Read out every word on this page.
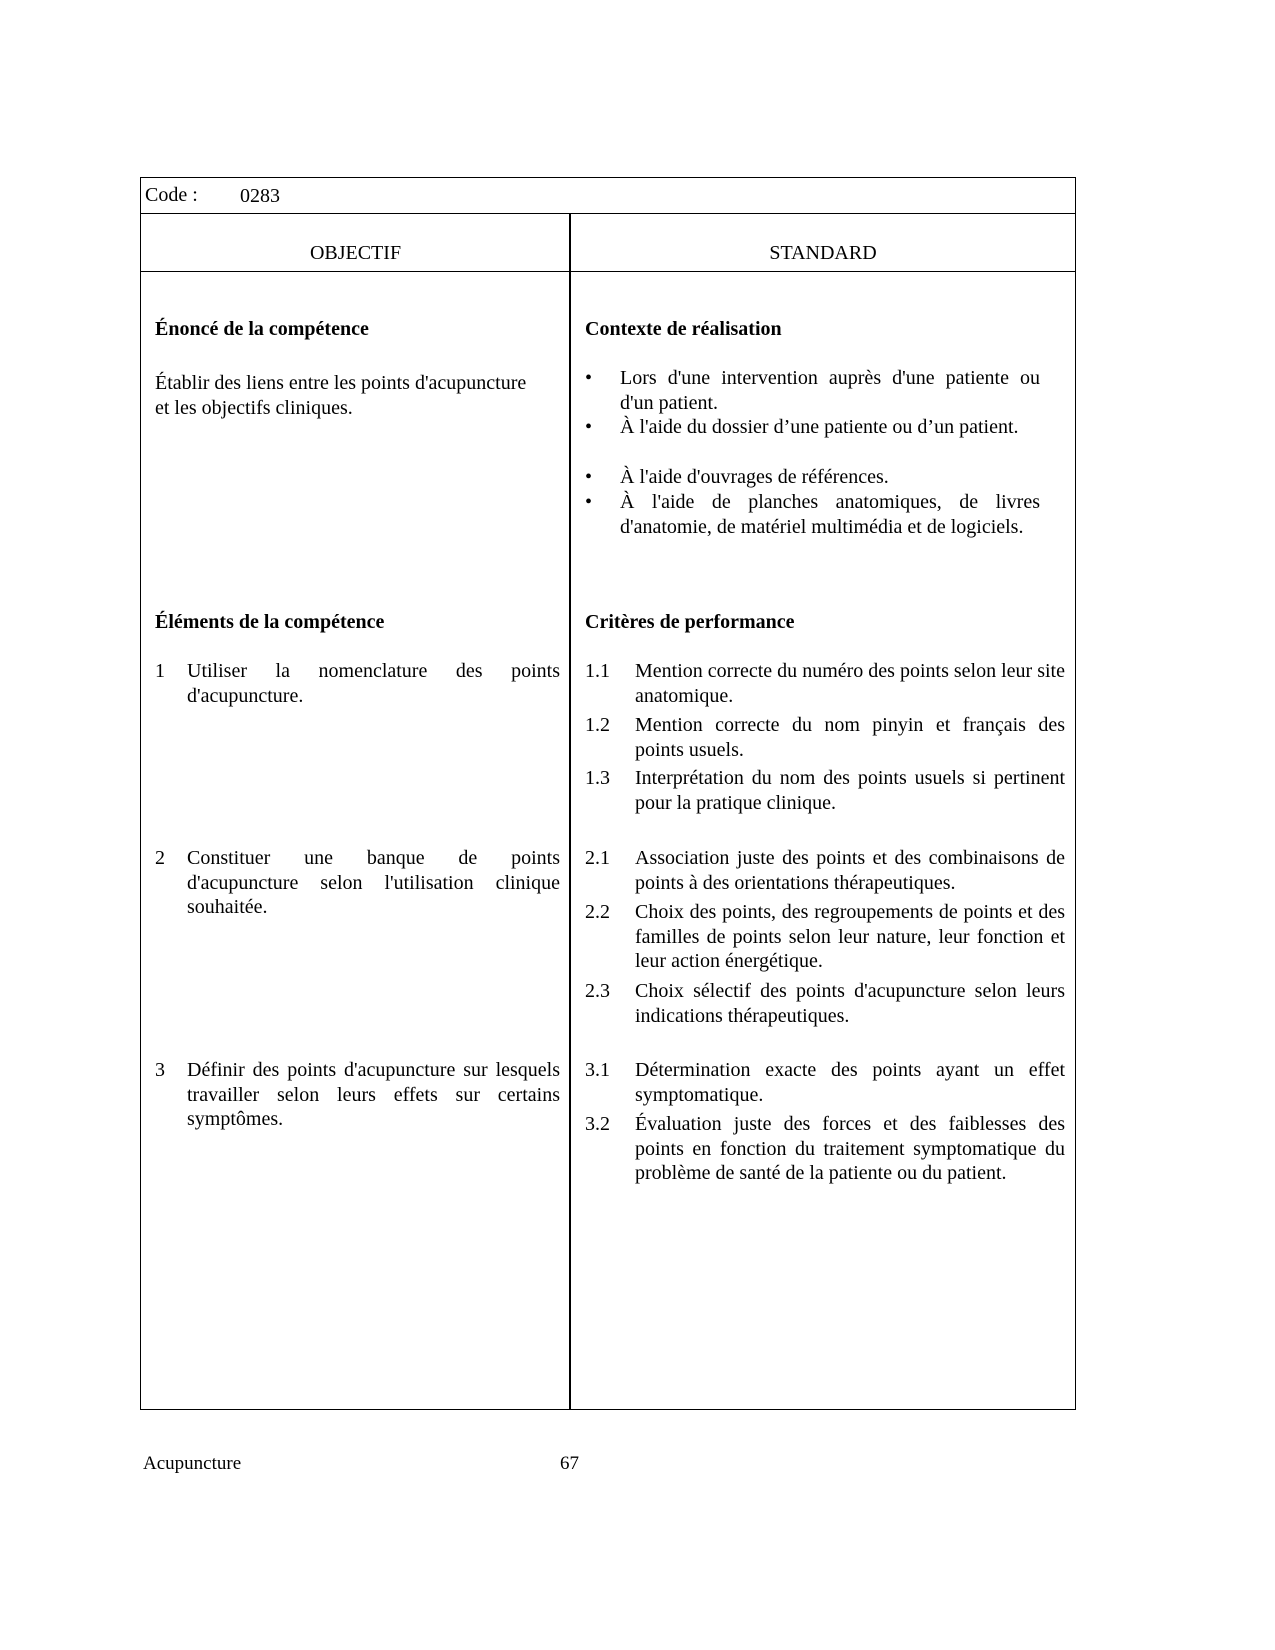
Code : 0283
OBJECTIF	STANDARD
Énoncé de la compétence
Établir des liens entre les points d'acupuncture et les objectifs cliniques.
Éléments de la compétence
1 Utiliser la nomenclature des points d'acupuncture.
2 Constituer une banque de points d'acupuncture selon l'utilisation clinique souhaitée.
3 Définir des points d'acupuncture sur lesquels travailler selon leurs effets sur certains symptômes.
Contexte de réalisation
• Lors d'une intervention auprès d'une patiente ou d'un patient.
• À l'aide du dossier d’une patiente ou d’un patient.
• À l'aide d'ouvrages de références.
• À l'aide de planches anatomiques, de livres d'anatomie, de matériel multimédia et de logiciels.
Critères de performance
1.1 Mention correcte du numéro des points selon leur site anatomique.
1.2 Mention correcte du nom pinyin et français des points usuels.
1.3 Interprétation du nom des points usuels si pertinent pour la pratique clinique.
2.1 Association juste des points et des combinaisons de points à des orientations thérapeutiques.
2.2 Choix des points, des regroupements de points et des familles de points selon leur nature, leur fonction et leur action énergétique.
2.3 Choix sélectif des points d'acupuncture selon leurs indications thérapeutiques.
3.1 Détermination exacte des points ayant un effet symptomatique.
3.2 Évaluation juste des forces et des faiblesses des points en fonction du traitement symptomatique du problème de santé de la patiente ou du patient.
Acupuncture	67
